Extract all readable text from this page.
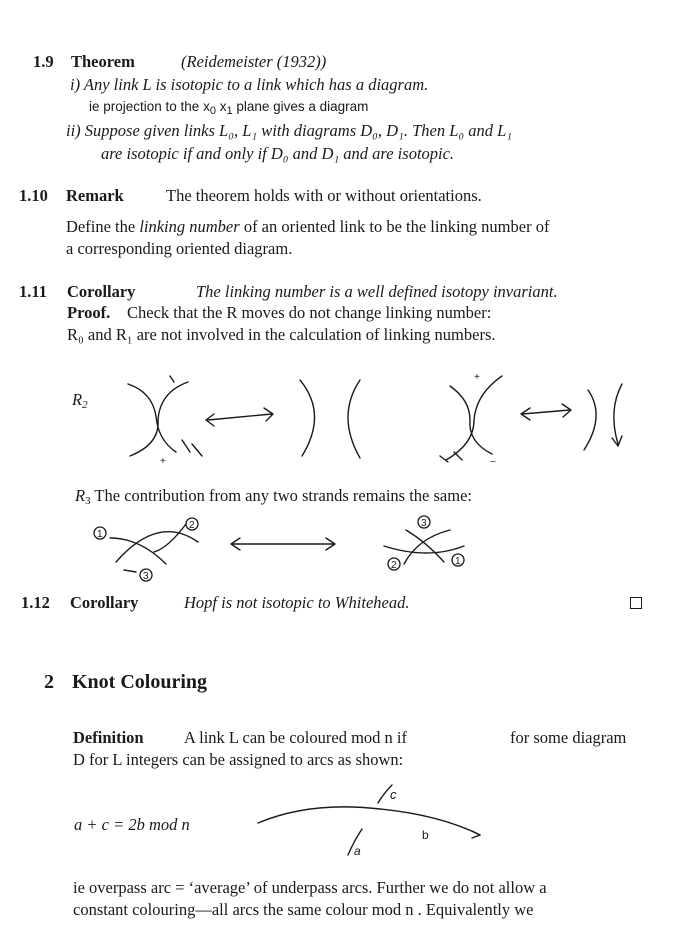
1.9 Theorem	(Reidemeister (1932))
i) Any link L is isotopic to a link which has a diagram.
ie projection to the $x_0$ $x_1$ plane gives a diagram
ii) Suppose given links L₀, L₁ with diagrams D₀, D₁. Then L₀ and L₁
are isotopic if and only if D₀ and D₁ and are isotopic.
1.10 Remark	The theorem holds with or without orientations.
Define the linking number of an oriented link to be the linking number of
a corresponding oriented diagram.
1.11 Corollary	The linking number is a well defined isotopy invariant.
Proof. Check that the R moves do not change linking number:
R₀ and R₁ are not involved in the calculation of linking numbers.
$R_2$
+
+
−
$R_3$ The contribution from any two strands remains the same:
1
2
3
3
2	1
1.12 Corollary	Hopf is not isotopic to Whitehead.
2 Knot Colouring
Definition A link L can be coloured mod n if	for some diagram
D for L integers can be assigned to arcs as shown:
a + c = 2b mod n
c
a
b
ie overpass arc = ‘average’ of underpass arcs. Further we do not allow a
constant colouring—all arcs the same colour mod n . Equivalently we
